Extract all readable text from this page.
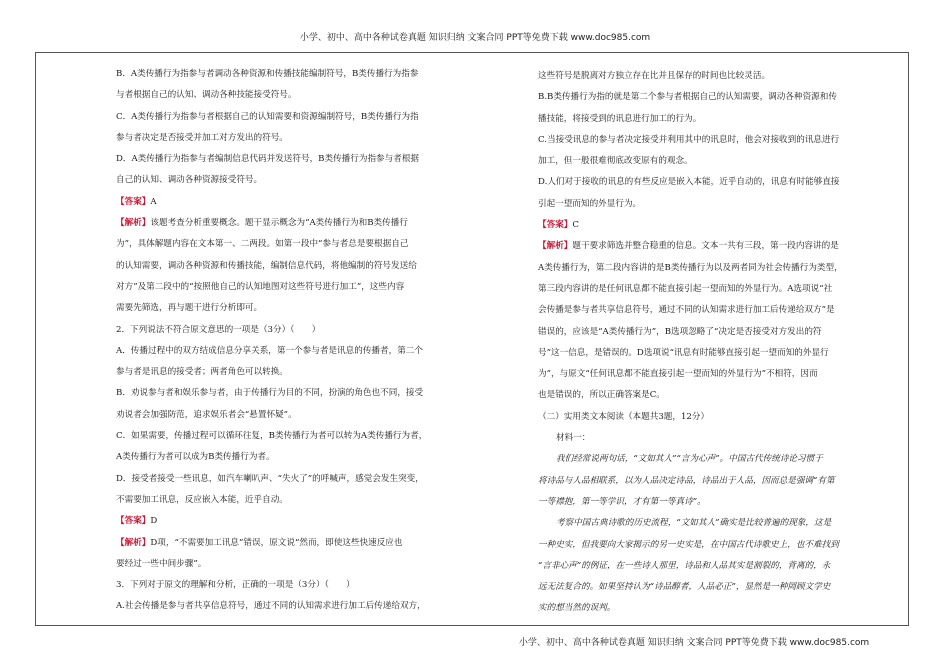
小学、初中、高中各种试卷真题 知识归纳 文案合同 PPT等免费下载 www.doc985.com
B．A类传播行为指参与者调动各种资源和传播技能编制符号，B类传播行为指参
与者根据自己的认知、调动各种技能接受符号。
C．A类传播行为指参与者根据自己的认知需要和资源编制符号，B类传播行为指
参与者决定是否接受并加工对方发出的符号。
D．A类传播行为指参与者编制信息代码并发送符号，B类传播行为指参与者根据
自己的认知、调动各种资源接受符号。
【答案】A
【解析】该题考查分析重要概念。题干显示概念为“A类传播行为和B类传播行
为”，具体解题内容在文本第一、二两段。如第一段中“参与者总是要根据自己
的认知需要，调动各种资源和传播技能，编制信息代码，将他编制的符号发送给
对方”及第二段中的“按照他自己的认知地图对这些符号进行加工”，这些内容
需要先筛选，再与题干进行分析即可。
2．下列说法不符合原文意思的一项是（3分）（　　）
A．传播过程中的双方结成信息分享关系，第一个参与者是讯息的传播者，第二个
参与者是讯息的接受者；两者角色可以转换。
B．劝说参与者和娱乐参与者，由于传播行为目的不同，扮演的角色也不同，接受
劝说者会加强防范，追求娱乐者会“悬置怀疑”。
C．如果需要，传播过程可以循环往复，B类传播行为者可以转为A类传播行为者，
A类传播行为者可以成为B类传播行为者。
D．接受者接受一些讯息，如汽车喇叭声、“失火了”的呼喊声，感觉会发生突变，
不需要加工讯息，反应嵌入本能，近乎自动。
【答案】D
【解析】D项，“不需要加工讯息”错误，原文说“然而，即使这些快速反应也
要经过一些中间步骤”。
3．下列对于原文的理解和分析，正确的一项是（3分）（　　）
A.社会传播是参与者共享信息符号，通过不同的认知需求进行加工后传递给双方，
这些符号是脱离对方独立存在比并且保存的时间也比较灵活。
B.B类传播行为指的就是第二个参与者根据自己的认知需要，调动各种资源和传
播技能，将接受到的讯息进行加工的行为。
C.当接受讯息的参与者决定接受并利用其中的讯息时，他会对接收到的讯息进行
加工，但一般很难彻底改变原有的观念。
D.人们对于接收的讯息的有些反应是嵌入本能，近乎自动的，讯息有时能够直接
引起一望而知的外显行为。
【答案】C
【解析】题干要求筛选并整合稳重的信息。文本一共有三段，第一段内容讲的是
A类传播行为，第二段内容讲的是B类传播行为以及两者同为社会传播行为类型，
第三段内容讲的是任何讯息都不能直接引起一望而知的外显行为。A选项说“社
会传播是参与者共享信息符号，通过不同的认知需求进行加工后传递给双方”是
错误的，应该是“A类传播行为”，B选项忽略了“决定是否接受对方发出的符
号”这一信息，是错误的。D选项说“讯息有时能够直接引起一望而知的外显行
为”，与原文“任何讯息都不能直接引起一望而知的外显行为”不相符，因而
也是错误的，所以正确答案是C。
（二）实用类文本阅读（本题共3题，12分）
材料一：
我们经常说两句话，“文如其人”“言为心声”。中国古代传统诗论习惯于
将诗品与人品相联系，以为人品决定诗品，诗品出于人品，因而总是强调“有第
一等襟抱，第一等学识，才有第一等真诗”。
考察中国古典诗歌的历史流程，“文如其人”确实是比较普遍的现象，这是
一种史实，但我要向大家揭示的另一史实是，在中国古代诗歌史上，也不难找到
“言非心声”的例证，在一些诗人那里，诗品和人品其实是割裂的，背离的，永
远无法复合的。如果坚持认为“诗品醇者，人品必正”，显然是一种罔顾文学史
实的想当然的误判。
小学、初中、高中各种试卷真题 知识归纳 文案合同 PPT等免费下载 www.doc985.com
